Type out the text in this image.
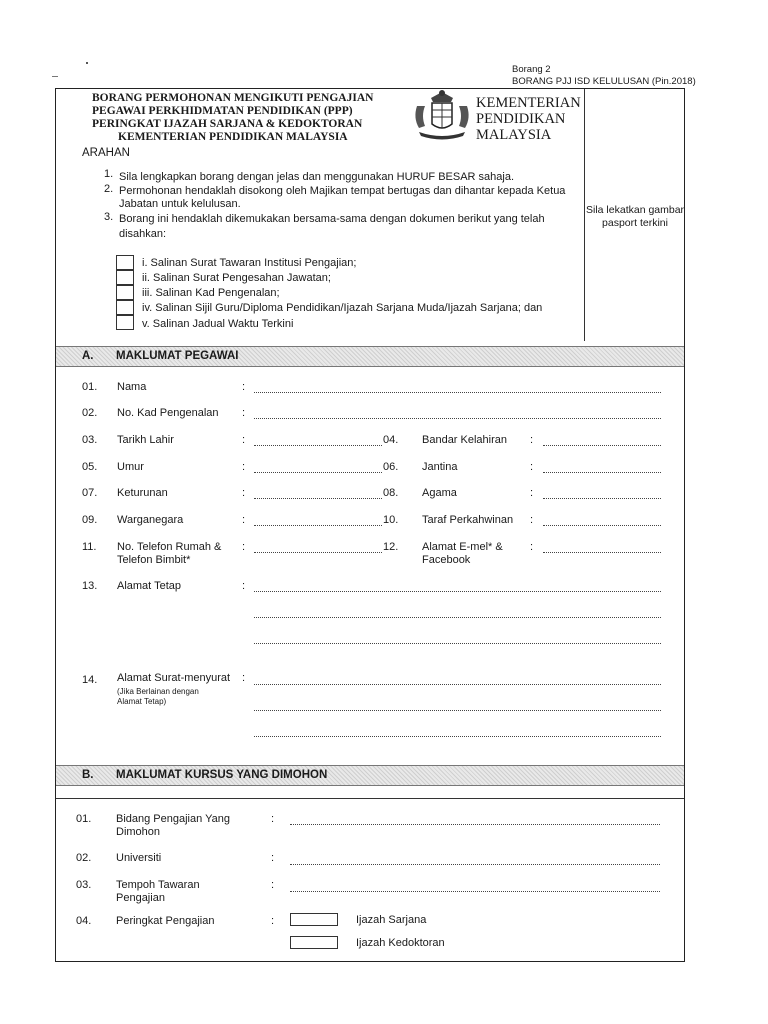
Borang 2
BORANG PJJ ISD KELULUSAN (Pin.2018)
BORANG PERMOHONAN MENGIKUTI PENGAJIAN
PEGAWAI PERKHIDMATAN PENDIDIKAN (PPP)
PERINGKAT IJAZAH SARJANA & KEDOKTORAN
KEMENTERIAN PENDIDIKAN MALAYSIA
KEMENTERIAN
PENDIDIKAN
MALAYSIA
Sila lekatkan gambar
pasport terkini
ARAHAN
1. Sila lengkapkan borang dengan jelas dan menggunakan HURUF BESAR sahaja.
2. Permohonan hendaklah disokong oleh Majikan tempat bertugas dan dihantar kepada Ketua
Jabatan untuk kelulusan.
3. Borang ini hendaklah dikemukakan bersama-sama dengan dokumen berikut yang telah
disahkan:
i. Salinan Surat Tawaran Institusi Pengajian;
ii. Salinan Surat Pengesahan Jawatan;
iii. Salinan Kad Pengenalan;
iv. Salinan Sijil Guru/Diploma Pendidikan/Ijazah Sarjana Muda/Ijazah Sarjana; dan
v. Salinan Jadual Waktu Terkini
A. MAKLUMAT PEGAWAI
01. Nama	:
02. No. Kad Pengenalan :
03. Tarikh Lahir	:	04. Bandar Kelahiran :
05. Umur	:	06. Jantina	:
07. Keturunan	:	08. Agama	:
09. Warganegara	:	10. Taraf Perkahwinan :
11. No. Telefon Rumah &
Telefon Bimbit*
:	12. Alamat E-mel* &
Facebook
:
13. Alamat Tetap	:
14. Alamat Surat-menyurat
(Jika Berlainan dengan
Alamat Tetap)
:
B. MAKLUMAT KURSUS YANG DIMOHON
01. Bidang Pengajian Yang
Dimohon
:
02. Universiti	:
03. Tempoh Tawaran
Pengajian
:
04. Peringkat Pengajian	:	Ijazah Sarjana
Ijazah Kedoktoran
